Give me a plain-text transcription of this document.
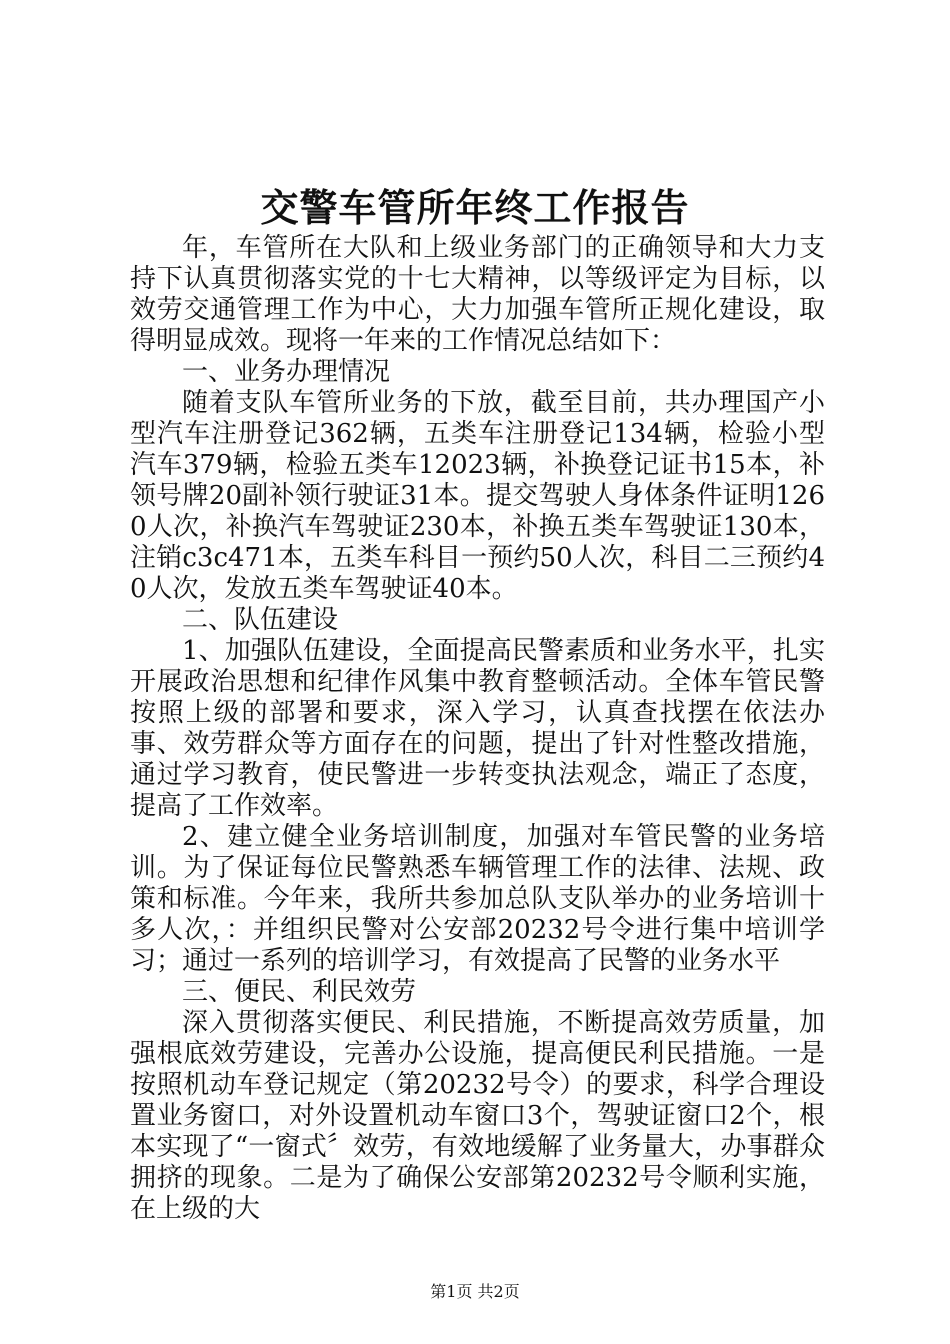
交警车管所年终工作报告

年，车管所在大队和上级业务部门的正确领导和大力支持下认真贯彻落实党的十七大精神，以等级评定为目标，以效劳交通管理工作为中心，大力加强车管所正规化建设，取得明显成效。现将一年来的工作情况总结如下：

一、业务办理情况

随着支队车管所业务的下放，截至目前，共办理国产小型汽车注册登记362辆，五类车注册登记134辆，检验小型汽车379辆，检验五类车12023辆，补换登记证书15本，补领号牌20副补领行驶证31本。提交驾驶人身体条件证明1260人次，补换汽车驾驶证230本，补换五类车驾驶证130本，注销c3c471本，五类车科目一预约50人次，科目二三预约40人次，发放五类车驾驶证40本。

二、队伍建设

1、加强队伍建设，全面提高民警素质和业务水平，扎实开展政治思想和纪律作风集中教育整顿活动。全体车管民警按照上级的部署和要求，深入学习，认真查找摆在依法办事、效劳群众等方面存在的问题，提出了针对性整改措施，通过学习教育，使民警进一步转变执法观念，端正了态度，提高了工作效率。

2、建立健全业务培训制度，加强对车管民警的业务培训。为了保证每位民警熟悉车辆管理工作的法律、法规、政策和标准。今年来，我所共参加总队支队举办的业务培训十多人次，：并组织民警对公安部20232号令进行集中培训学习；通过一系列的培训学习，有效提高了民警的业务水平

三、便民、利民效劳

深入贯彻落实便民、利民措施，不断提高效劳质量，加强根底效劳建设，完善办公设施，提高便民利民措施。一是按照机动车登记规定（第20232号令）的要求，科学合理设置业务窗口，对外设置机动车窗口3个，驾驶证窗口2个，根本实现了“一窗式〞效劳，有效地缓解了业务量大，办事群众拥挤的现象。二是为了确保公安部第20232号令顺利实施，在上级的大

第1页 共2页
